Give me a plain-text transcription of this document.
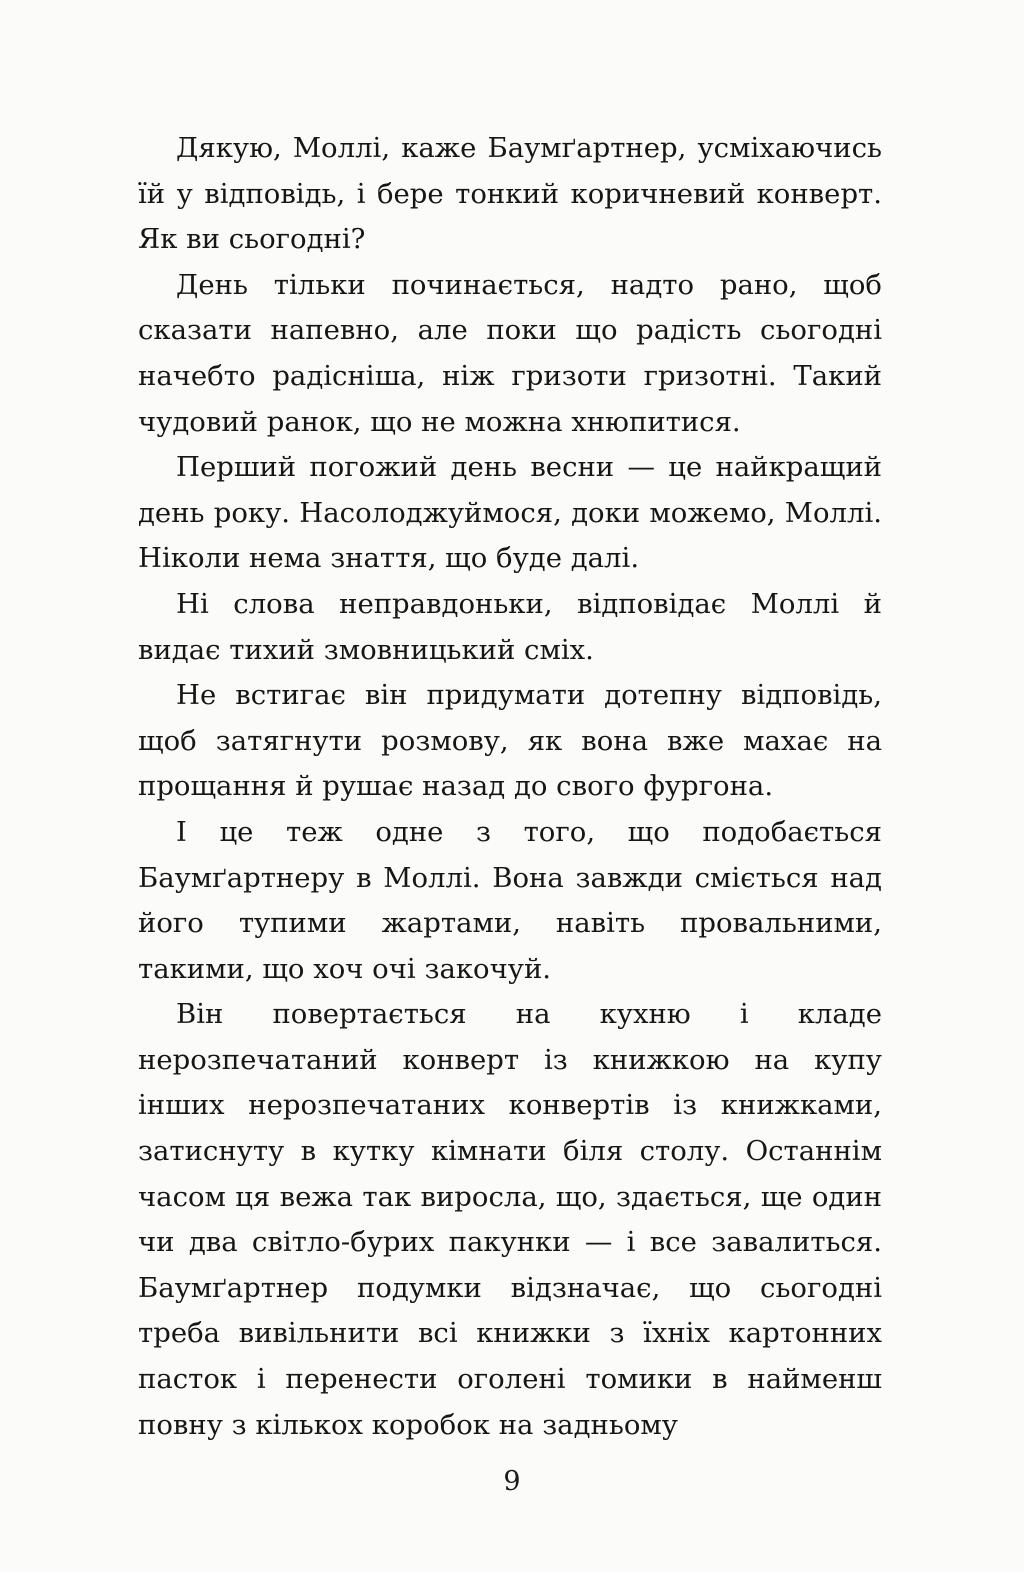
Дякую, Моллі, каже Баумґартнер, усміхаючись їй у відповідь, і бере тонкий коричневий конверт. Як ви сьогодні?

День тільки починається, надто рано, щоб сказати напевно, але поки що радість сьогодні начебто радісніша, ніж гризоти гризотні. Такий чудовий ранок, що не можна хнюпитися.

Перший погожий день весни — це найкращий день року. Насолоджуймося, доки можемо, Моллі. Ніколи нема знаття, що буде далі.

Ні слова неправдоньки, відповідає Моллі й видає тихий змовницький сміх.

Не встигає він придумати дотепну відповідь, щоб затягнути розмову, як вона вже махає на прощання й рушає назад до свого фургона.

І це теж одне з того, що подобається Баумґартнеру в Моллі. Вона завжди сміється над його тупими жартами, навіть провальними, такими, що хоч очі закочуй.

Він повертається на кухню і кладе нерозпечатаний конверт із книжкою на купу інших нерозпечатаних конвертів із книжками, затиснуту в кутку кімнати біля столу. Останнім часом ця вежа так виросла, що, здається, ще один чи два світло-бурих пакунки — і все завалиться. Баумґартнер подумки відзначає, що сьогодні треба вивільнити всі книжки з їхніх картонних пасток і перенести оголені томики в найменш повну з кількох коробок на задньому

9
